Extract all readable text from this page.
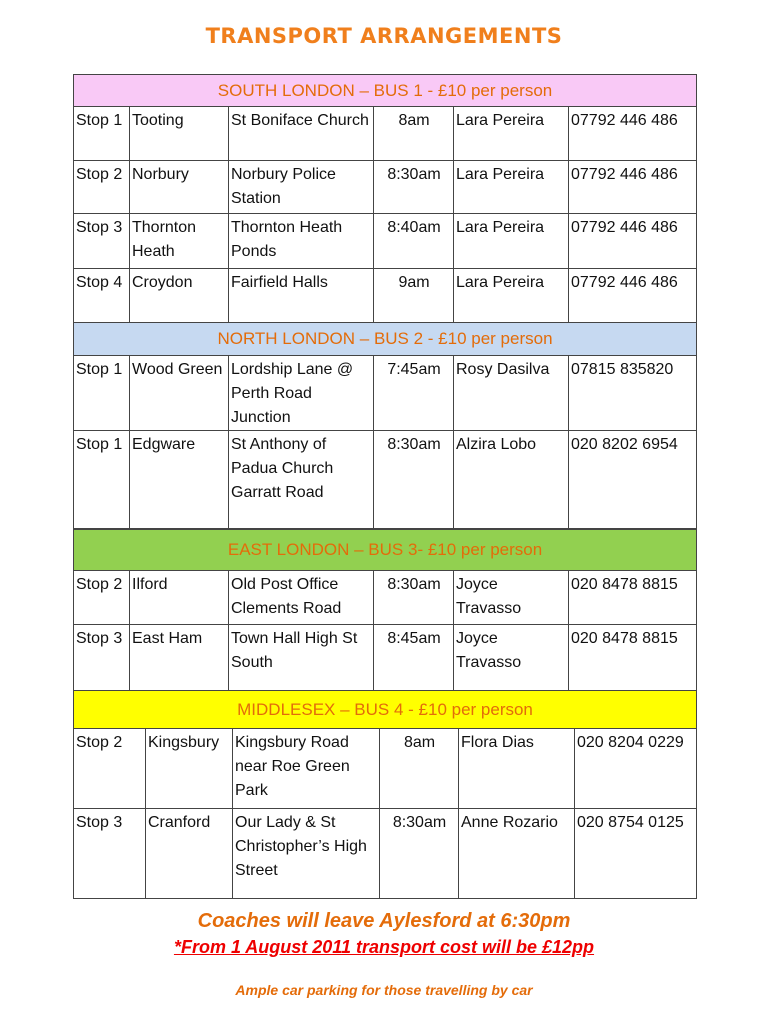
TRANSPORT ARRANGEMENTS
SOUTH LONDON – BUS 1 - £10 per person					
Stop 1	Tooting	St Boniface Church	8am	Lara Pereira	07792 446 486
Stop 2	Norbury	Norbury Police Station	8:30am	Lara Pereira	07792 446 486
Stop 3	Thornton Heath	Thornton Heath Ponds	8:40am	Lara Pereira	07792 446 486
Stop 4	Croydon	Fairfield Halls	9am	Lara Pereira	07792 446 486
NORTH LONDON – BUS 2 - £10 per person					
Stop 1	Wood Green	Lordship Lane @ Perth Road Junction	7:45am	Rosy Dasilva	07815 835820
Stop 1	Edgware	St Anthony of Padua Church Garratt Road	8:30am	Alzira Lobo	020 8202 6954
EAST LONDON – BUS 3- £10 per person					
Stop 2	Ilford	Old Post Office Clements Road	8:30am	Joyce Travasso	020 8478 8815
Stop 3	East Ham	Town Hall High St South	8:45am	Joyce Travasso	020 8478 8815
MIDDLESEX – BUS 4 - £10 per person					
Stop 2	Kingsbury	Kingsbury Road near Roe Green Park	8am	Flora Dias	020 8204 0229
Stop 3	Cranford	Our Lady & St Christopher’s High Street	8:30am	Anne Rozario	020 8754 0125
Coaches will leave Aylesford at 6:30pm
*From 1 August 2011 transport cost will be £12pp
Ample car parking for those travelling by car
